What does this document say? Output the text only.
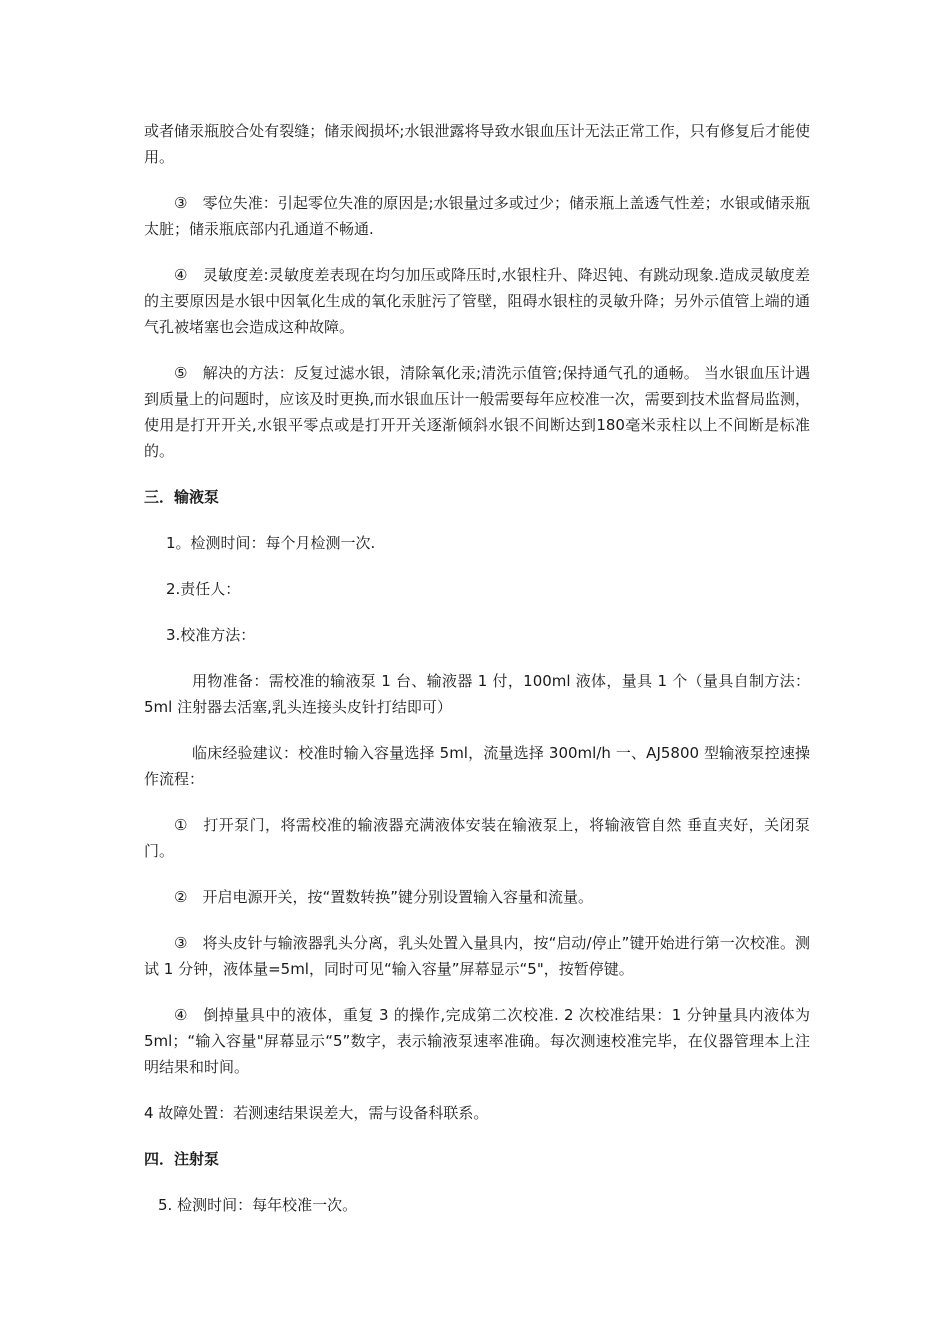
或者储汞瓶胶合处有裂缝；储汞阀损坏;水银泄露将导致水银血压计无法正常工作，只有修复后才能使用。

③　零位失准：引起零位失准的原因是;水银量过多或过少；储汞瓶上盖透气性差；水银或储汞瓶太脏；储汞瓶底部内孔通道不畅通.

④　灵敏度差:灵敏度差表现在均匀加压或降压时,水银柱升、降迟钝、有跳动现象.造成灵敏度差的主要原因是水银中因氧化生成的氧化汞脏污了管壁，阻碍水银柱的灵敏升降；另外示值管上端的通气孔被堵塞也会造成这种故障。

⑤　解决的方法：反复过滤水银，清除氧化汞;清洗示值管;保持通气孔的通畅。 当水银血压计遇到质量上的问题时，应该及时更换,而水银血压计一般需要每年应校准一次，需要到技术监督局监测，使用是打开开关,水银平零点或是打开开关逐渐倾斜水银不间断达到180毫米汞柱以上不间断是标准的。

三．输液泵

1。检测时间：每个月检测一次.

2.责任人：

3.校准方法：

用物准备：需校准的输液泵 1 台、输液器 1 付，100ml 液体，量具 1 个（量具自制方法： 5ml 注射器去活塞,乳头连接头皮针打结即可）

临床经验建议：校准时输入容量选择 5ml，流量选择 300ml/h 一、AJ5800 型输液泵控速操作流程：

①　打开泵门，将需校准的输液器充满液体安装在输液泵上，将输液管自然 垂直夹好，关闭泵门。

②　开启电源开关，按“置数转换”键分别设置输入容量和流量。

③　将头皮针与输液器乳头分离，乳头处置入量具内，按“启动/停止”键开始进行第一次校准。测试 1 分钟，液体量=5ml，同时可见“输入容量”屏幕显示“5"，按暂停键。

④　倒掉量具中的液体，重复 3 的操作,完成第二次校准. 2 次校准结果：1 分钟量具内液体为 5ml；“输入容量"屏幕显示“5”数字，表示输液泵速率准确。每次测速校准完毕，在仪器管理本上注明结果和时间。

4 故障处置：若测速结果误差大，需与设备科联系。

四．注射泵

5. 检测时间：每年校准一次。
